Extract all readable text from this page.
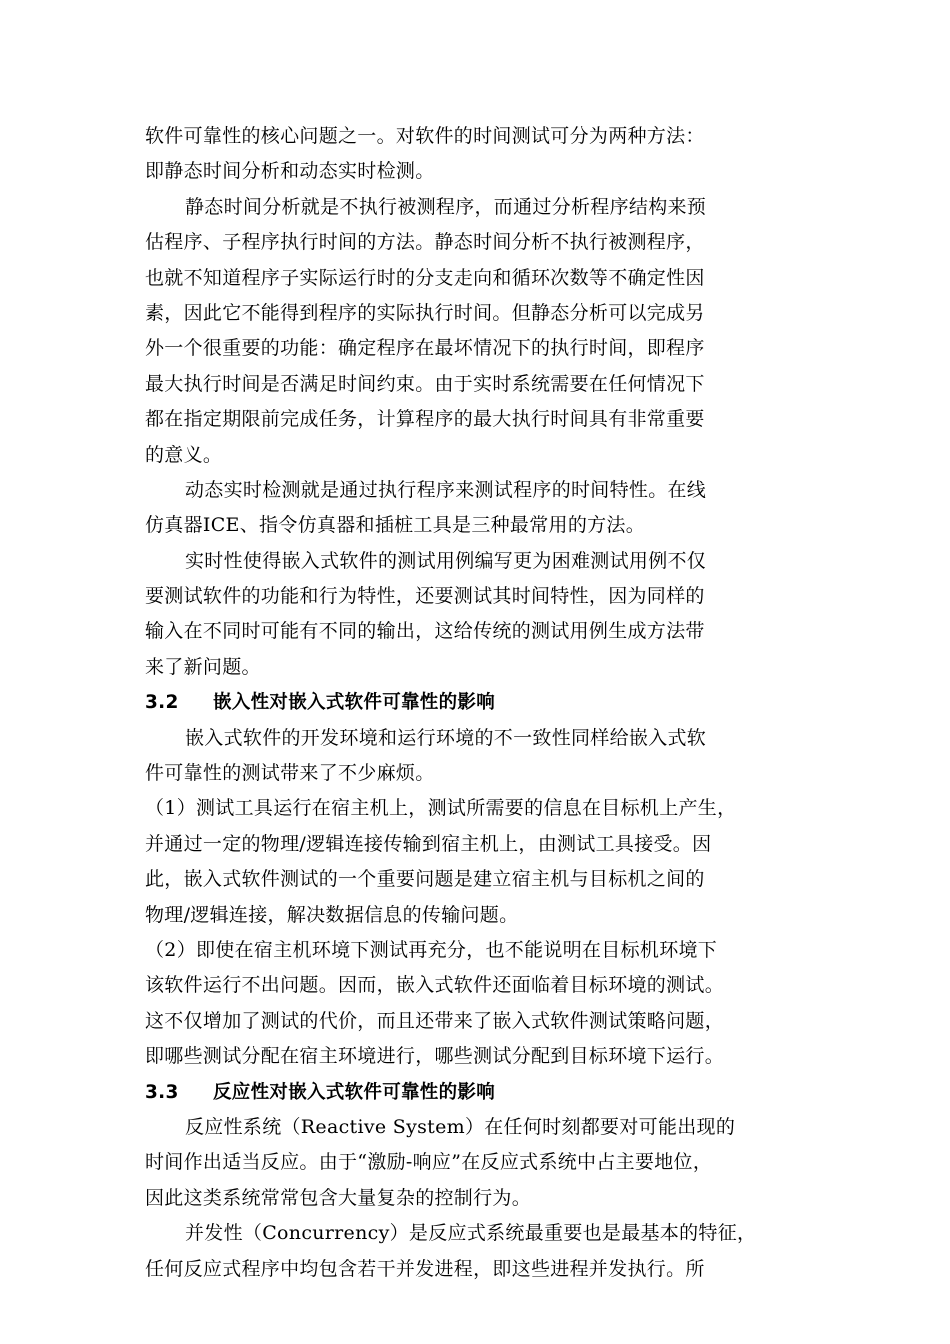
软件可靠性的核心问题之一。对软件的时间测试可分为两种方法：
即静态时间分析和动态实时检测。
静态时间分析就是不执行被测程序，而通过分析程序结构来预
估程序、子程序执行时间的方法。静态时间分析不执行被测程序，
也就不知道程序子实际运行时的分支走向和循环次数等不确定性因
素，因此它不能得到程序的实际执行时间。但静态分析可以完成另
外一个很重要的功能：确定程序在最坏情况下的执行时间，即程序
最大执行时间是否满足时间约束。由于实时系统需要在任何情况下
都在指定期限前完成任务，计算程序的最大执行时间具有非常重要
的意义。
动态实时检测就是通过执行程序来测试程序的时间特性。在线
仿真器ICE、指令仿真器和插桩工具是三种最常用的方法。
实时性使得嵌入式软件的测试用例编写更为困难测试用例不仅
要测试软件的功能和行为特性，还要测试其时间特性，因为同样的
输入在不同时可能有不同的输出，这给传统的测试用例生成方法带
来了新问题。
3.2 嵌入性对嵌入式软件可靠性的影响
嵌入式软件的开发环境和运行环境的不一致性同样给嵌入式软
件可靠性的测试带来了不少麻烦。
（1）测试工具运行在宿主机上，测试所需要的信息在目标机上产生，
并通过一定的物理/逻辑连接传输到宿主机上，由测试工具接受。因
此，嵌入式软件测试的一个重要问题是建立宿主机与目标机之间的
物理/逻辑连接，解决数据信息的传输问题。
（2）即使在宿主机环境下测试再充分，也不能说明在目标机环境下
该软件运行不出问题。因而，嵌入式软件还面临着目标环境的测试。
这不仅增加了测试的代价，而且还带来了嵌入式软件测试策略问题，
即哪些测试分配在宿主环境进行，哪些测试分配到目标环境下运行。
3.3 反应性对嵌入式软件可靠性的影响
反应性系统（Reactive System）在任何时刻都要对可能出现的
时间作出适当反应。由于“激励-响应”在反应式系统中占主要地位，
因此这类系统常常包含大量复杂的控制行为。
并发性（Concurrency）是反应式系统最重要也是最基本的特征，
任何反应式程序中均包含若干并发进程，即这些进程并发执行。所
